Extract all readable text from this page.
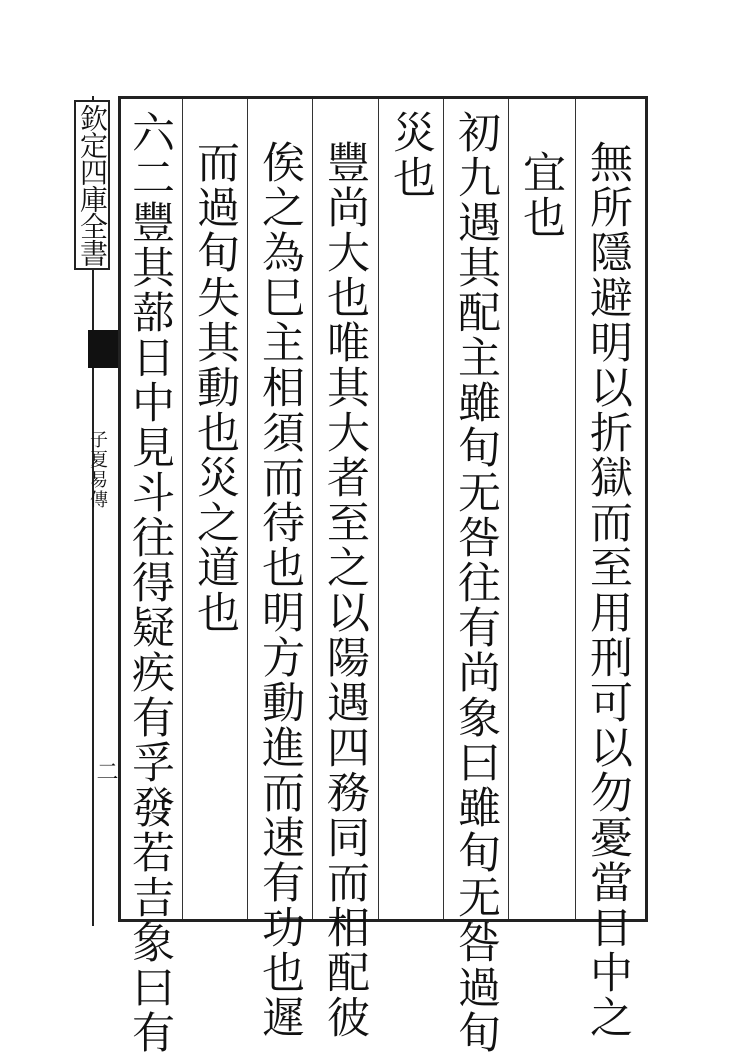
欽定四庫全書
子夏易傳
二	無所隱避明以折獄而至用刑可以勿憂當日中之
宜也
初九遇其配主雖旬无咎往有尚象曰雖旬无咎過旬
災也
豐尚大也唯其大者至之以陽遇四務同而相配彼
俟之為巳主相須而待也明方動進而速有功也遲
而過旬失其動也災之道也
六二豐其蔀日中見斗往得疑疾有孚發若吉象曰有
